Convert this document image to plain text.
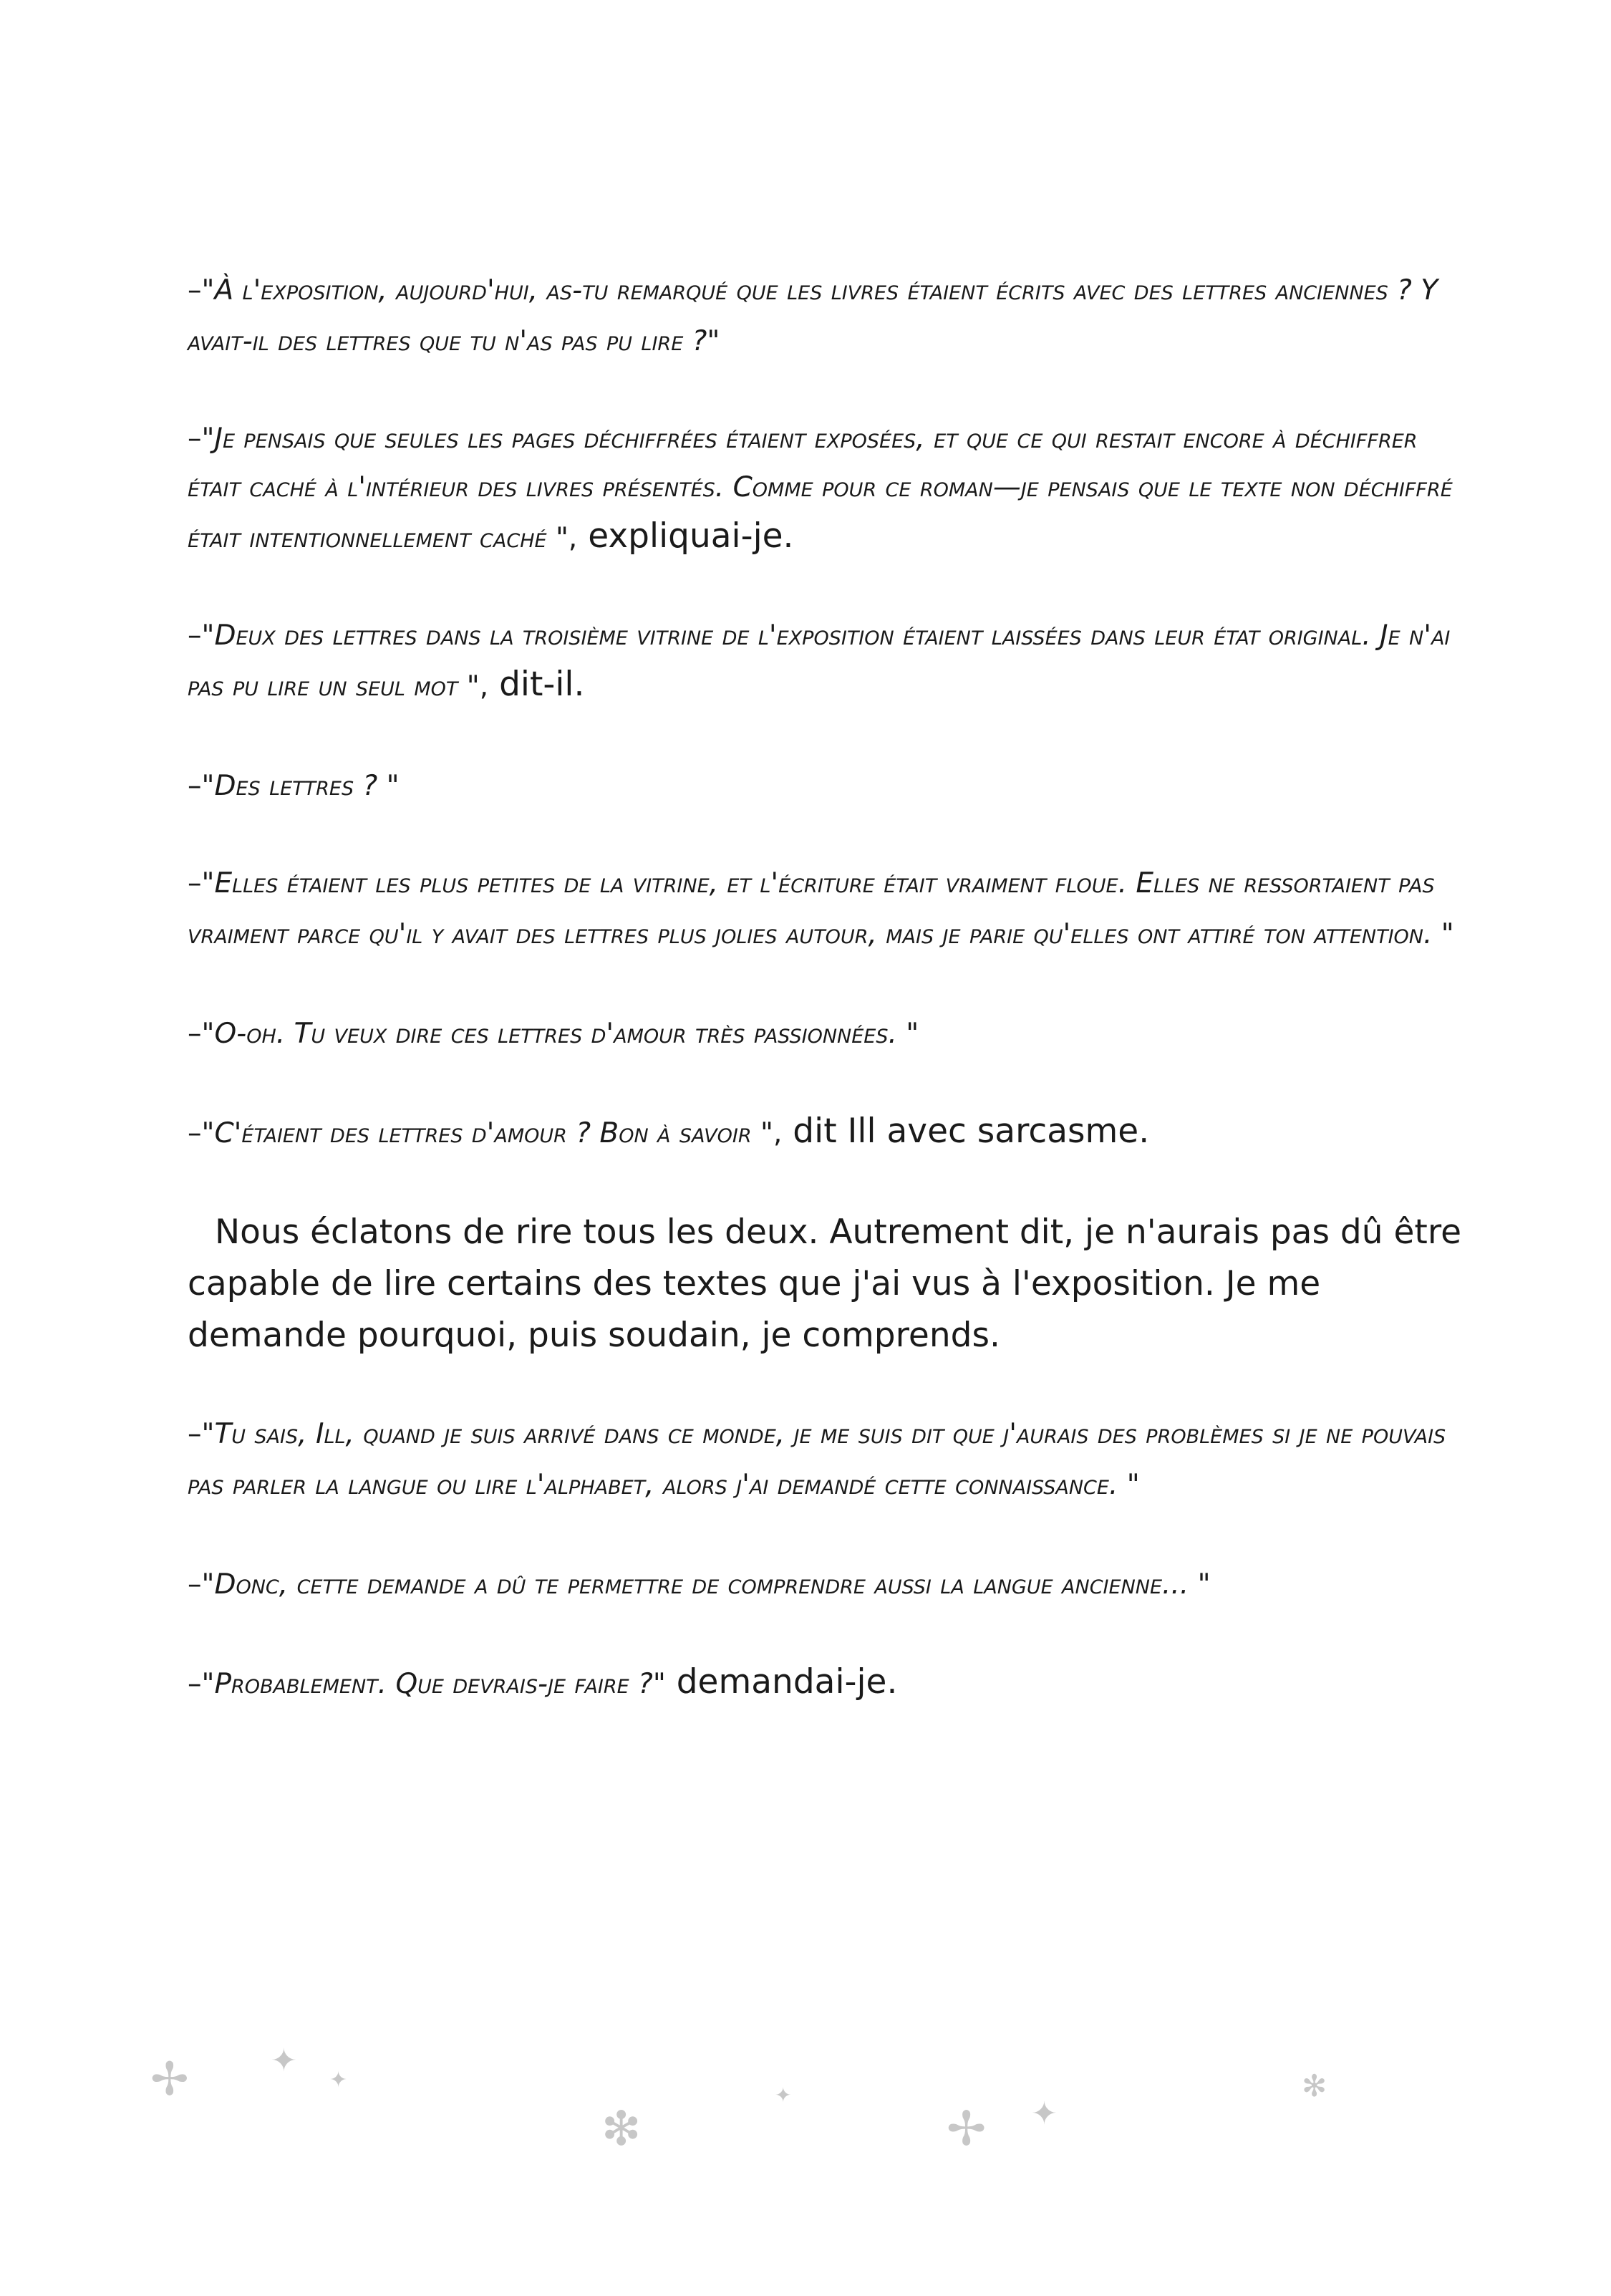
–"À l'exposition, aujourd'hui, as-tu remarqué que les livres étaient écrits avec des lettres anciennes ? Y avait-il des lettres que tu n'as pas pu lire ?"

–"Je pensais que seules les pages déchiffrées étaient exposées, et que ce qui restait encore à déchiffrer était caché à l'intérieur des livres présentés. Comme pour ce roman—je pensais que le texte non déchiffré était intentionnellement caché ", expliquai-je.

–"Deux des lettres dans la troisième vitrine de l'exposition étaient laissées dans leur état original. Je n'ai pas pu lire un seul mot ", dit-il.

–"Des lettres ? "

–"Elles étaient les plus petites de la vitrine, et l'écriture était vraiment floue. Elles ne ressortaient pas vraiment parce qu'il y avait des lettres plus jolies autour, mais je parie qu'elles ont attiré ton attention. "

–"O-oh. Tu veux dire ces lettres d'amour très passionnées. "

–"C'étaient des lettres d'amour ? Bon à savoir ", dit Ill avec sarcasme.

Nous éclatons de rire tous les deux. Autrement dit, je n'aurais pas dû être capable de lire certains des textes que j'ai vus à l'exposition. Je me demande pourquoi, puis soudain, je comprends.

–"Tu sais, Ill, quand je suis arrivé dans ce monde, je me suis dit que j'aurais des problèmes si je ne pouvais pas parler la langue ou lire l'alphabet, alors j'ai demandé cette connaissance. "

–"Donc, cette demande a dû te permettre de comprendre aussi la langue ancienne... "

–"Probablement. Que devrais-je faire ?" demandai-je.

✢	✦
✦
✦
❇	✢ ✦
✻
